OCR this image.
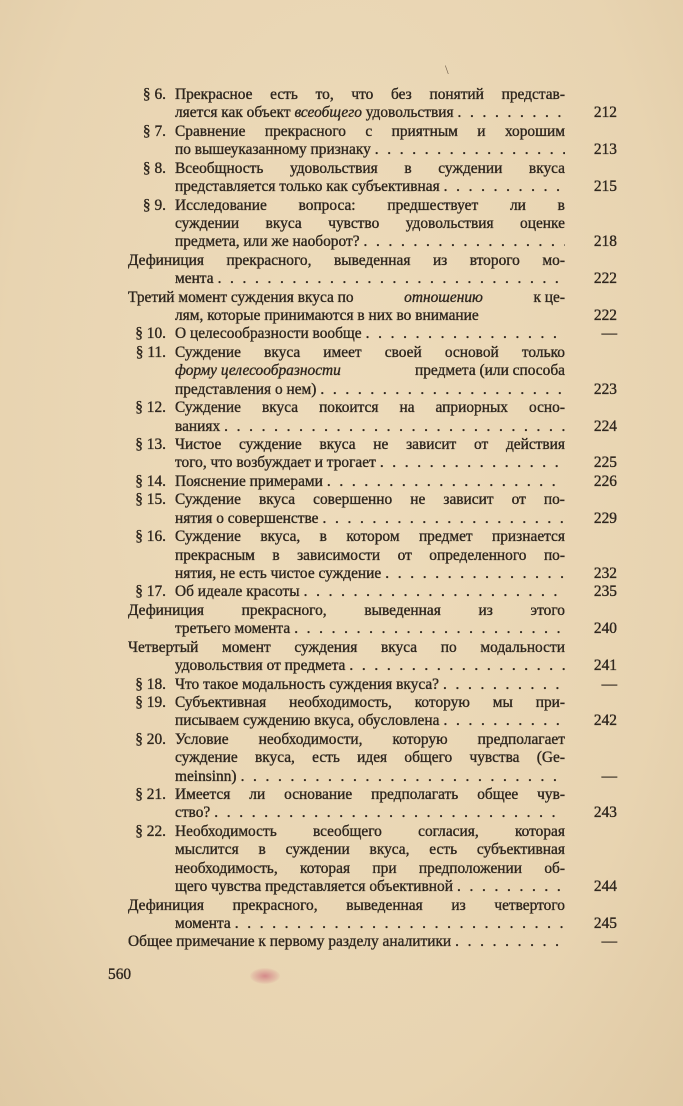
\
§ 6. Прекрасное есть то, что без понятий представ-
ляется как объект всеобщего удовольствия . . .	212
§ 7. Сравнение прекрасного с приятным и хорошим
по вышеуказанному признаку . . .	213
§ 8. Всеобщность удовольствия в суждении вкуса
представляется только как субъективная . . .	215
§ 9. Исследование вопроса: предшествует ли в
суждении вкуса чувство удовольствия оценке
предмета, или же наоборот? . . .	218
Дефиниция прекрасного, выведенная из второго мо-
мента . . .	222
Третий момент суждения вкуса по	отношению	к це-
лям, которые принимаются в них во внимание	222
§ 10. О целесообразности вообще . . .	—
§ 11. Суждение вкуса имеет своей основой только
форму целесообразности	предмета (или способа
представления о нем) . . .	223
§ 12. Суждение вкуса покоится на априорных осно-
ваниях . . .	224
§ 13. Чистое суждение вкуса не зависит от действия
того, что возбуждает и трогает . . .	225
§ 14. Пояснение примерами . . .	226
§ 15. Суждение вкуса совершенно не зависит от по-
нятия о совершенстве . . .	229
§ 16. Суждение вкуса, в котором предмет признается
прекрасным в зависимости от определенного по-
нятия, не есть чистое суждение . . .	232
§ 17. Об идеале красоты . . .	235
Дефиниция прекрасного, выведенная из этого
третьего момента . . .	240
Четвертый момент суждения вкуса по модальности
удовольствия от предмета . . .	241
§ 18. Что такое модальность суждения вкуса? . . .	—
§ 19. Субъективная необходимость, которую мы при-
писываем суждению вкуса, обусловлена . . .	242
§ 20. Условие необходимости, которую предполагает
суждение вкуса, есть идея общего чувства (Ge-
meinsinn) . . .	—
§ 21. Имеется ли основание предполагать общее чув-
ство? . . .	243
§ 22. Необходимость всеобщего согласия, которая
мыслится в суждении вкуса, есть субъективная
необходимость, которая при предположении об-
щего чувства представляется объективной . . .	244
Дефиниция прекрасного, выведенная из четвертого
момента . . .	245
Общее примечание к первому разделу аналитики . . .	—
560
